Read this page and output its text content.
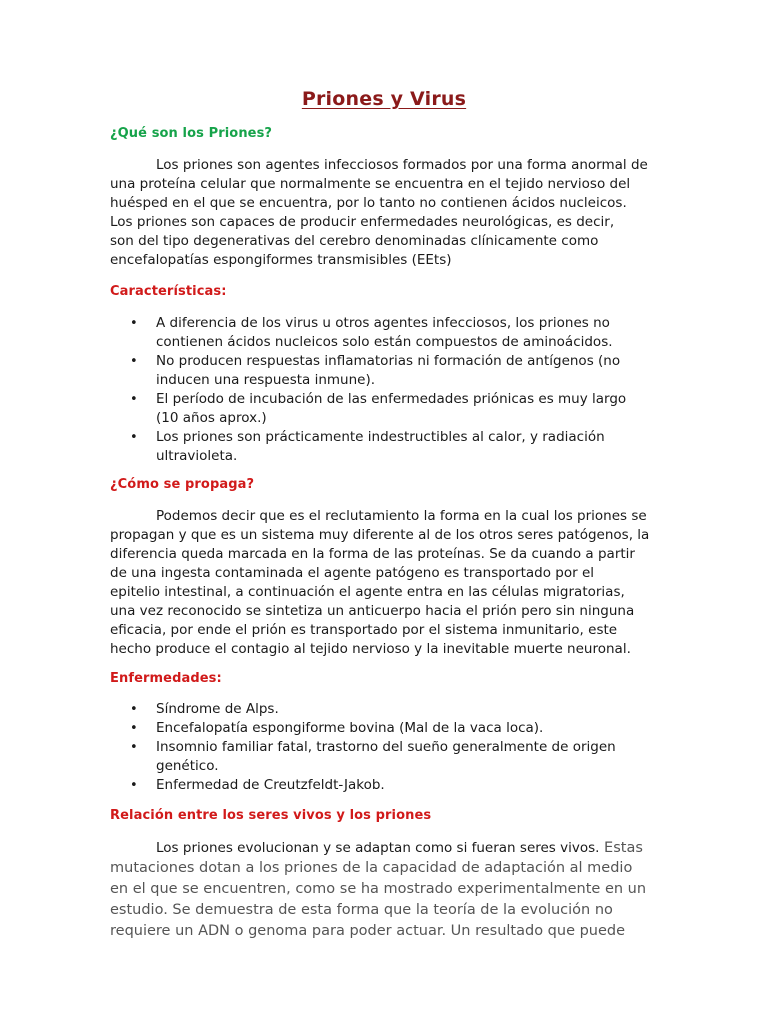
Priones y Virus
¿Qué son los Priones?

Los priones son agentes infecciosos formados por una forma anormal de
una proteína celular que normalmente se encuentra en el tejido nervioso del
huésped en el que se encuentra, por lo tanto no contienen ácidos nucleicos.
Los priones son capaces de producir enfermedades neurológicas, es decir,
son del tipo degenerativas del cerebro denominadas clínicamente como
encefalopatías espongiformes transmisibles (EEts)

Características:
• A diferencia de los virus u otros agentes infecciosos, los priones no
contienen ácidos nucleicos solo están compuestos de aminoácidos.
• No producen respuestas inflamatorias ni formación de antígenos (no
inducen una respuesta inmune).
• El período de incubación de las enfermedades priónicas es muy largo
(10 años aprox.)
• Los priones son prácticamente indestructibles al calor, y radiación
ultravioleta.
¿Cómo se propaga?

Podemos decir que es el reclutamiento la forma en la cual los priones se
propagan y que es un sistema muy diferente al de los otros seres patógenos, la
diferencia queda marcada en la forma de las proteínas. Se da cuando a partir
de una ingesta contaminada el agente patógeno es transportado por el
epitelio intestinal, a continuación el agente entra en las células migratorias,
una vez reconocido se sintetiza un anticuerpo hacia el prión pero sin ninguna
eficacia, por ende el prión es transportado por el sistema inmunitario, este
hecho produce el contagio al tejido nervioso y la inevitable muerte neuronal.

Enfermedades:
• Síndrome de Alps.
• Encefalopatía espongiforme bovina (Mal de la vaca loca).
• Insomnio familiar fatal, trastorno del sueño generalmente de origen
genético.
• Enfermedad de Creutzfeldt-Jakob.
Relación entre los seres vivos y los priones

Los priones evolucionan y se adaptan como si fueran seres vivos. Estas

mutaciones dotan a los priones de la capacidad de adaptación al medio
en el que se encuentren, como se ha mostrado experimentalmente en un
estudio. Se demuestra de esta forma que la teoría de la evolución no
requiere un ADN o genoma para poder actuar. Un resultado que puede
